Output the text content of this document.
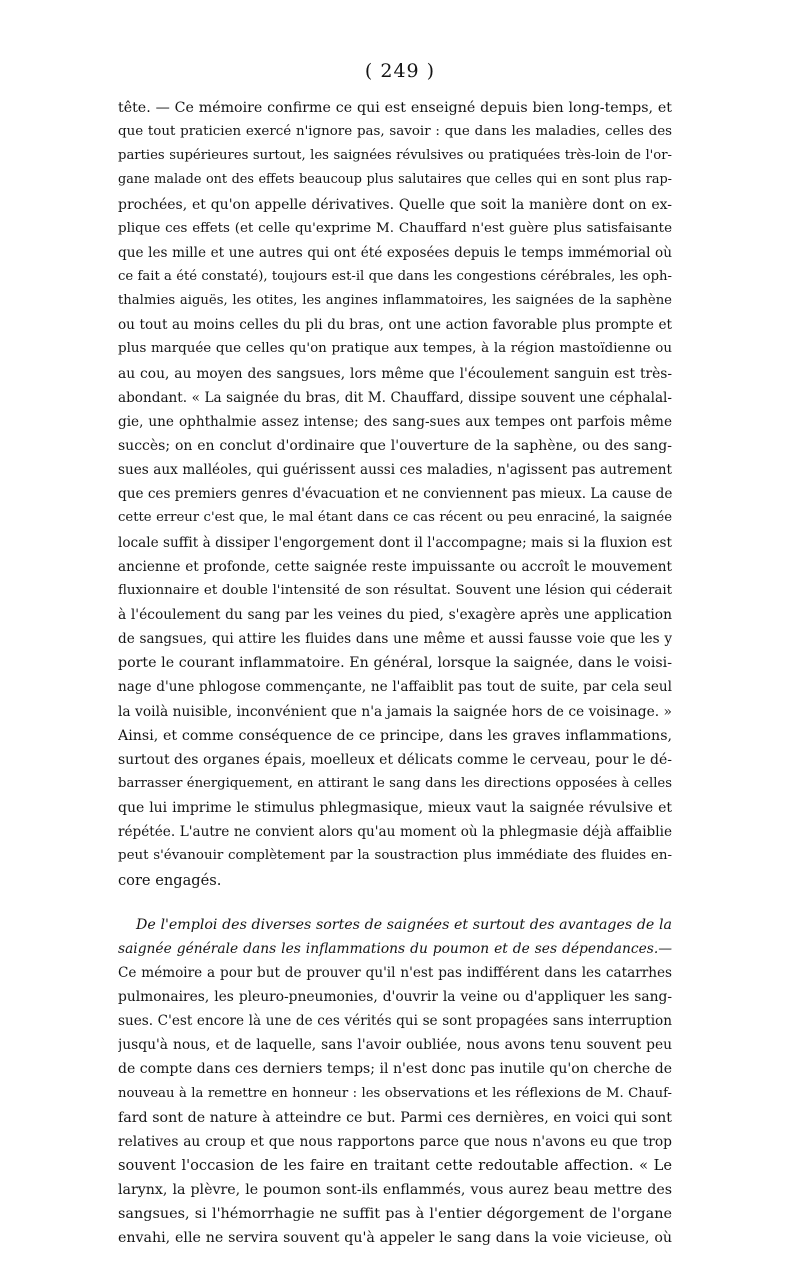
( 249 )
tête. — Ce mémoire confirme ce qui est enseigné depuis bien long-temps, et
que tout praticien exercé n'ignore pas, savoir : que dans les maladies, celles des
parties supérieures surtout, les saignées révulsives ou pratiquées très-loin de l'or-
gane malade ont des effets beaucoup plus salutaires que celles qui en sont plus rap-
prochées, et qu'on appelle dérivatives. Quelle que soit la manière dont on ex-
plique ces effets (et celle qu'exprime M. Chauffard n'est guère plus satisfaisante
que les mille et une autres qui ont été exposées depuis le temps immémorial où
ce fait a été constaté), toujours est-il que dans les congestions cérébrales, les oph-
thalmies aiguës, les otites, les angines inflammatoires, les saignées de la saphène
ou tout au moins celles du pli du bras, ont une action favorable plus prompte et
plus marquée que celles qu'on pratique aux tempes, à la région mastoïdienne ou
au cou, au moyen des sangsues, lors même que l'écoulement sanguin est très-
abondant. « La saignée du bras, dit M. Chauffard, dissipe souvent une céphalal-
gie, une ophthalmie assez intense; des sang-sues aux tempes ont parfois même
succès; on en conclut d'ordinaire que l'ouverture de la saphène, ou des sang-
sues aux malléoles, qui guérissent aussi ces maladies, n'agissent pas autrement
que ces premiers genres d'évacuation et ne conviennent pas mieux. La cause de
cette erreur c'est que, le mal étant dans ce cas récent ou peu enraciné, la saignée
locale suffit à dissiper l'engorgement dont il l'accompagne; mais si la fluxion est
ancienne et profonde, cette saignée reste impuissante ou accroît le mouvement
fluxionnaire et double l'intensité de son résultat. Souvent une lésion qui céderait
à l'écoulement du sang par les veines du pied, s'exagère après une application
de sangsues, qui attire les fluides dans une même et aussi fausse voie que les y
porte le courant inflammatoire. En général, lorsque la saignée, dans le voisi-
nage d'une phlogose commençante, ne l'affaiblit pas tout de suite, par cela seul
la voilà nuisible, inconvénient que n'a jamais la saignée hors de ce voisinage. »
Ainsi, et comme conséquence de ce principe, dans les graves inflammations,
surtout des organes épais, moelleux et délicats comme le cerveau, pour le dé-
barrasser énergiquement, en attirant le sang dans les directions opposées à celles
que lui imprime le stimulus phlegmasique, mieux vaut la saignée révulsive et
répétée. L'autre ne convient alors qu'au moment où la phlegmasie déjà affaiblie
peut s'évanouir complètement par la soustraction plus immédiate des fluides en-
core engagés.
De l'emploi des diverses sortes de saignées et surtout des avantages de la
saignée générale dans les inflammations du poumon et de ses dépendances.—
Ce mémoire a pour but de prouver qu'il n'est pas indifférent dans les catarrhes
pulmonaires, les pleuro-pneumonies, d'ouvrir la veine ou d'appliquer les sang-
sues. C'est encore là une de ces vérités qui se sont propagées sans interruption
jusqu'à nous, et de laquelle, sans l'avoir oubliée, nous avons tenu souvent peu
de compte dans ces derniers temps; il n'est donc pas inutile qu'on cherche de
nouveau à la remettre en honneur : les observations et les réflexions de M. Chauf-
fard sont de nature à atteindre ce but. Parmi ces dernières, en voici qui sont
relatives au croup et que nous rapportons parce que nous n'avons eu que trop
souvent l'occasion de les faire en traitant cette redoutable affection. « Le
larynx, la plèvre, le poumon sont-ils enflammés, vous aurez beau mettre des
sangsues, si l'hémorrhagie ne suffit pas à l'entier dégorgement de l'organe
envahi, elle ne servira souvent qu'à appeler le sang dans la voie vicieuse, où
